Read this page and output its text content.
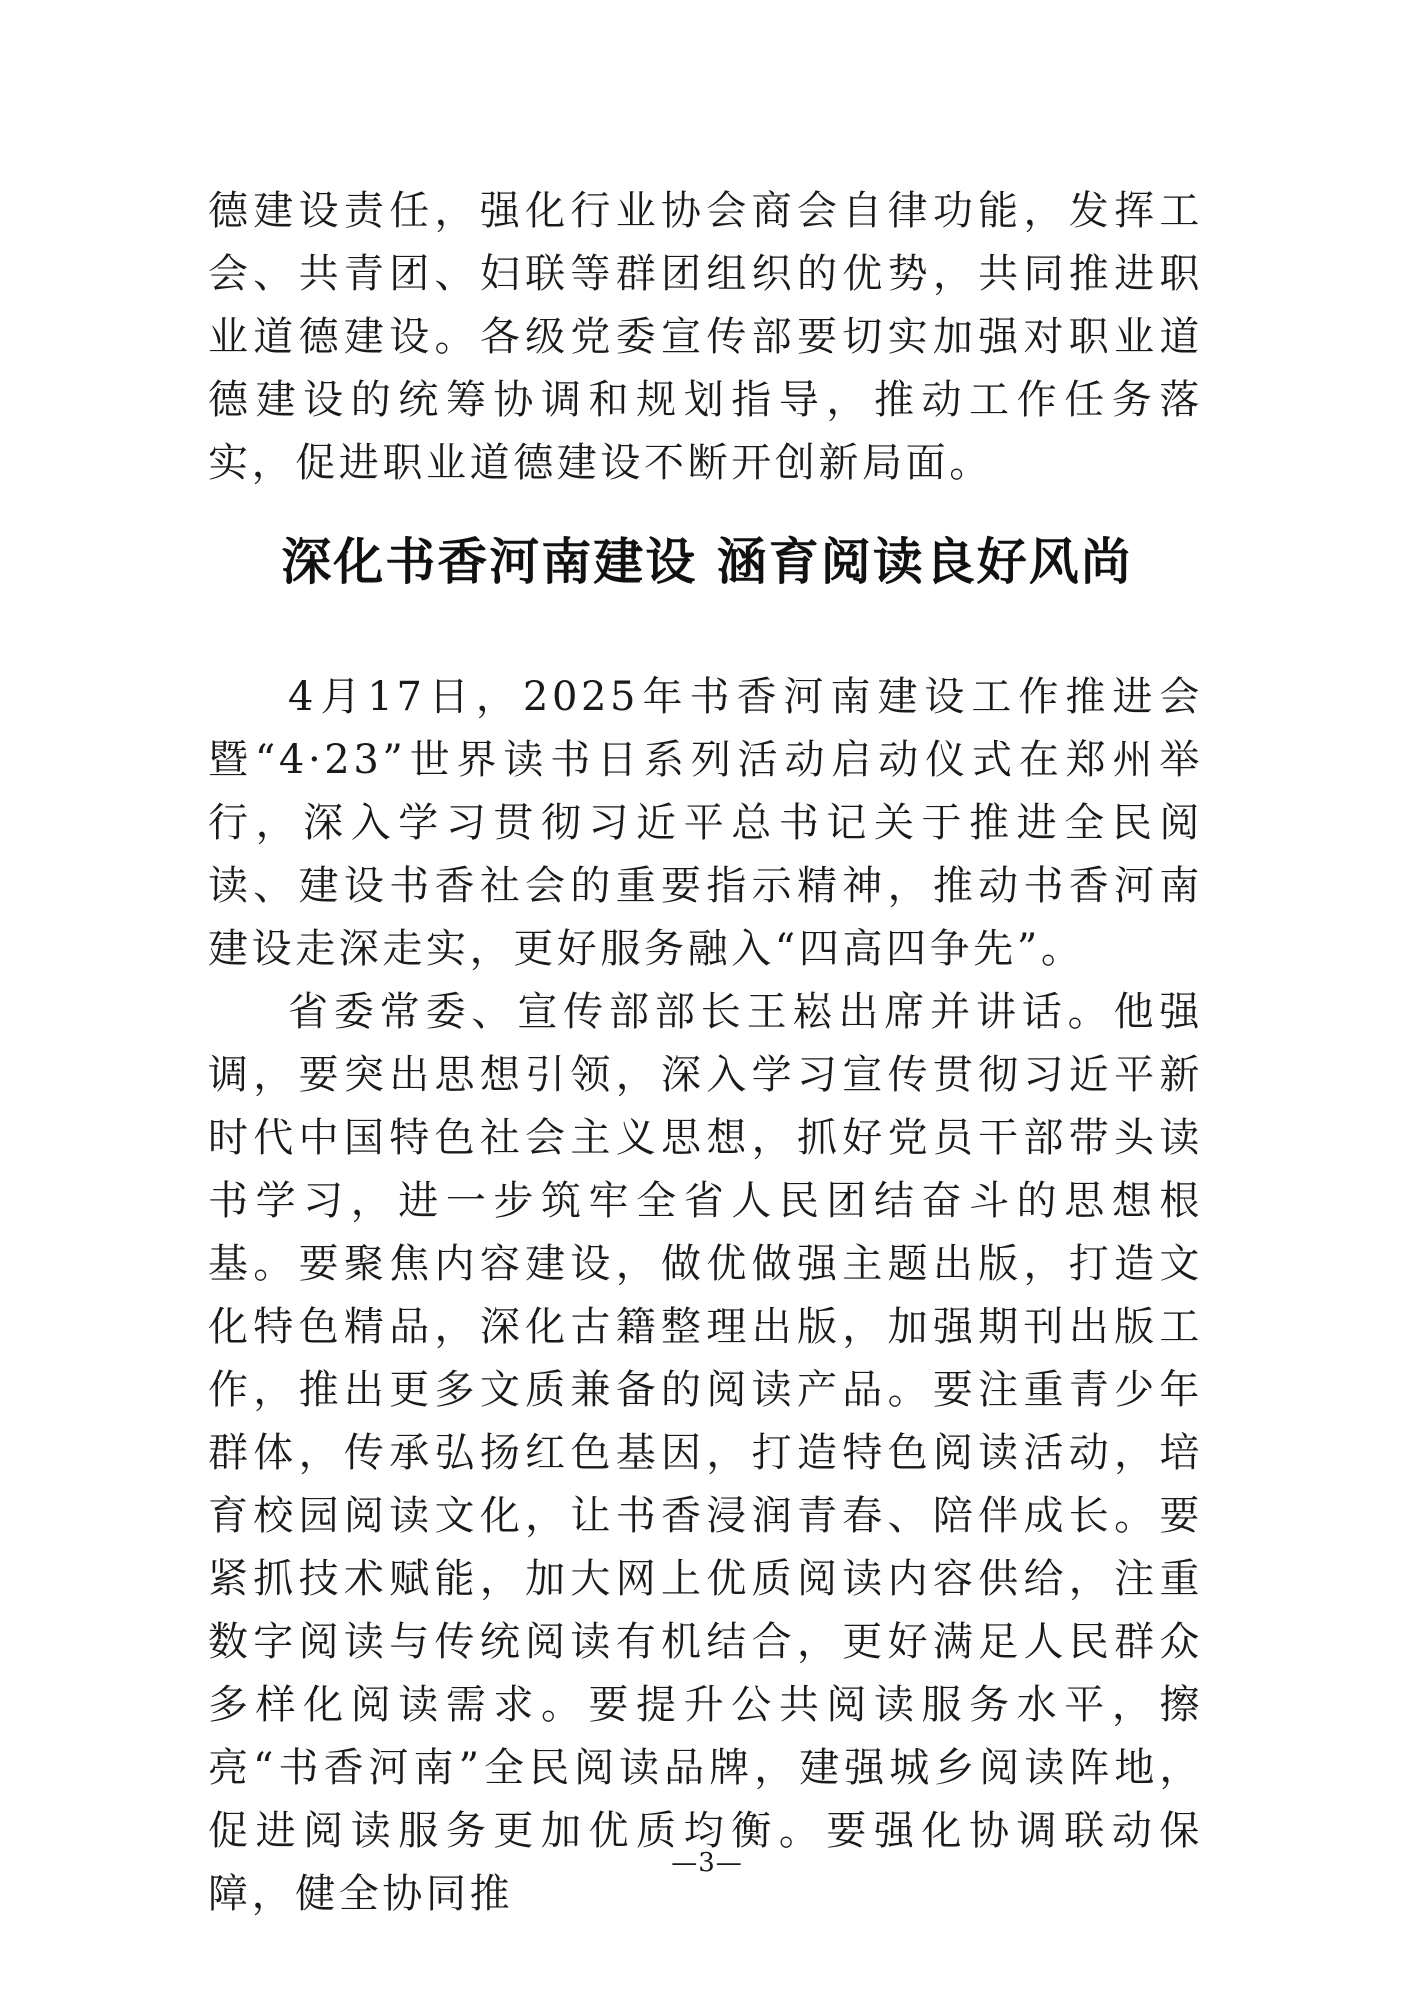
德建设责任，强化行业协会商会自律功能，发挥工会、共青团、妇联等群团组织的优势，共同推进职业道德建设。各级党委宣传部要切实加强对职业道德建设的统筹协调和规划指导，推动工作任务落实，促进职业道德建设不断开创新局面。

深化书香河南建设 涵育阅读良好风尚

4月17日，2025年书香河南建设工作推进会暨“4·23”世界读书日系列活动启动仪式在郑州举行，深入学习贯彻习近平总书记关于推进全民阅读、建设书香社会的重要指示精神，推动书香河南建设走深走实，更好服务融入“四高四争先”。

省委常委、宣传部部长王崧出席并讲话。他强调，要突出思想引领，深入学习宣传贯彻习近平新时代中国特色社会主义思想，抓好党员干部带头读书学习，进一步筑牢全省人民团结奋斗的思想根基。要聚焦内容建设，做优做强主题出版，打造文化特色精品，深化古籍整理出版，加强期刊出版工作，推出更多文质兼备的阅读产品。要注重青少年群体，传承弘扬红色基因，打造特色阅读活动，培育校园阅读文化，让书香浸润青春、陪伴成长。要紧抓技术赋能，加大网上优质阅读内容供给，注重数字阅读与传统阅读有机结合，更好满足人民群众多样化阅读需求。要提升公共阅读服务水平，擦亮“书香河南”全民阅读品牌，建强城乡阅读阵地，促进阅读服务更加优质均衡。要强化协调联动保障，健全协同推

—3—
